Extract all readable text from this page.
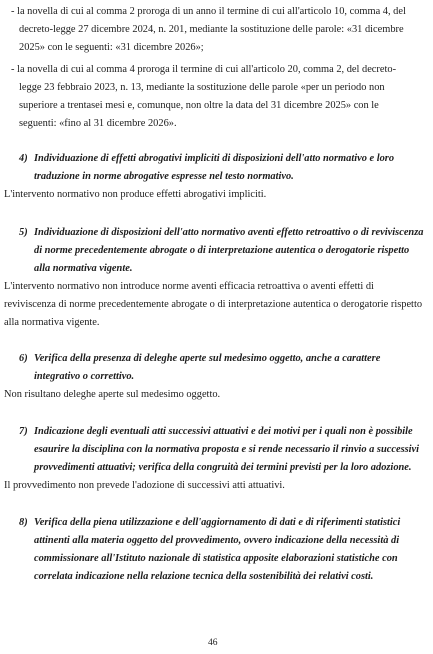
- la novella di cui al comma 2 proroga di un anno il termine di cui all'articolo 10, comma 4, del
decreto-legge 27 dicembre 2024, n. 201, mediante la sostituzione delle parole: «31 dicembre
2025» con le seguenti: «31 dicembre 2026»;
- la novella di cui al comma 4 proroga il termine di cui all'articolo 20, comma 2, del decreto-
legge 23 febbraio 2023, n. 13, mediante la sostituzione delle parole «per un periodo non
superiore a trentasei mesi e, comunque, non oltre la data del 31 dicembre 2025» con le
seguenti: «fino al 31 dicembre 2026».
4) Individuazione di effetti abrogativi impliciti di disposizioni dell'atto normativo e loro
traduzione in norme abrogative espresse nel testo normativo.
L'intervento normativo non produce effetti abrogativi impliciti.
5) Individuazione di disposizioni dell'atto normativo aventi effetto retroattivo o di reviviscenza
di norme precedentemente abrogate o di interpretazione autentica o derogatorie rispetto
alla normativa vigente.
L'intervento normativo non introduce norme aventi efficacia retroattiva o aventi effetti di
reviviscenza di norme precedentemente abrogate o di interpretazione autentica o derogatorie rispetto
alla normativa vigente.
6) Verifica della presenza di deleghe aperte sul medesimo oggetto, anche a carattere
integrativo o correttivo.
Non risultano deleghe aperte sul medesimo oggetto.
7) Indicazione degli eventuali atti successivi attuativi e dei motivi per i quali non è possibile
esaurire la disciplina con la normativa proposta e si rende necessario il rinvio a successivi
provvedimenti attuativi; verifica della congruità dei termini previsti per la loro adozione.
Il provvedimento non prevede l'adozione di successivi atti attuativi.
8) Verifica della piena utilizzazione e dell'aggiornamento di dati e di riferimenti statistici
attinenti alla materia oggetto del provvedimento, ovvero indicazione della necessità di
commissionare all'Istituto nazionale di statistica apposite elaborazioni statistiche con
correlata indicazione nella relazione tecnica della sostenibilità dei relativi costi.
46
